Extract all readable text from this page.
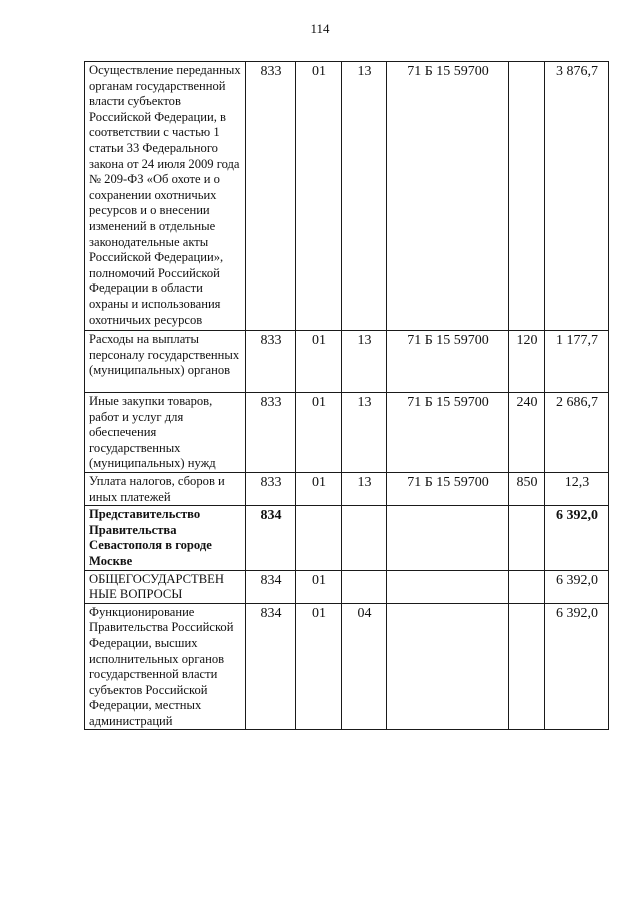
114
Осуществление переданных органам государственной власти субъектов Российской Федерации, в соответствии с частью 1 статьи 33 Федерального закона от 24 июля 2009 года № 209-ФЗ «Об охоте и о сохранении охотничьих ресурсов и о внесении изменений в отдельные законодательные акты Российской Федерации», полномочий Российской Федерации в области охраны и использования охотничьих ресурсов	833	01	13	71 Б 15 59700		3 876,7
Расходы на выплаты персоналу государственных (муниципальных) органов	833	01	13	71 Б 15 59700	120	1 177,7
Иные закупки товаров, работ и услуг для обеспечения государственных (муниципальных) нужд	833	01	13	71 Б 15 59700	240	2 686,7
Уплата налогов, сборов и иных платежей	833	01	13	71 Б 15 59700	850	12,3
Представительство Правительства Севастополя в городе Москве	834					6 392,0
ОБЩЕГОСУДАРСТВЕН НЫЕ ВОПРОСЫ	834	01				6 392,0
Функционирование Правительства Российской Федерации, высших исполнительных органов государственной власти субъектов Российской Федерации, местных администраций	834	01	04			6 392,0
